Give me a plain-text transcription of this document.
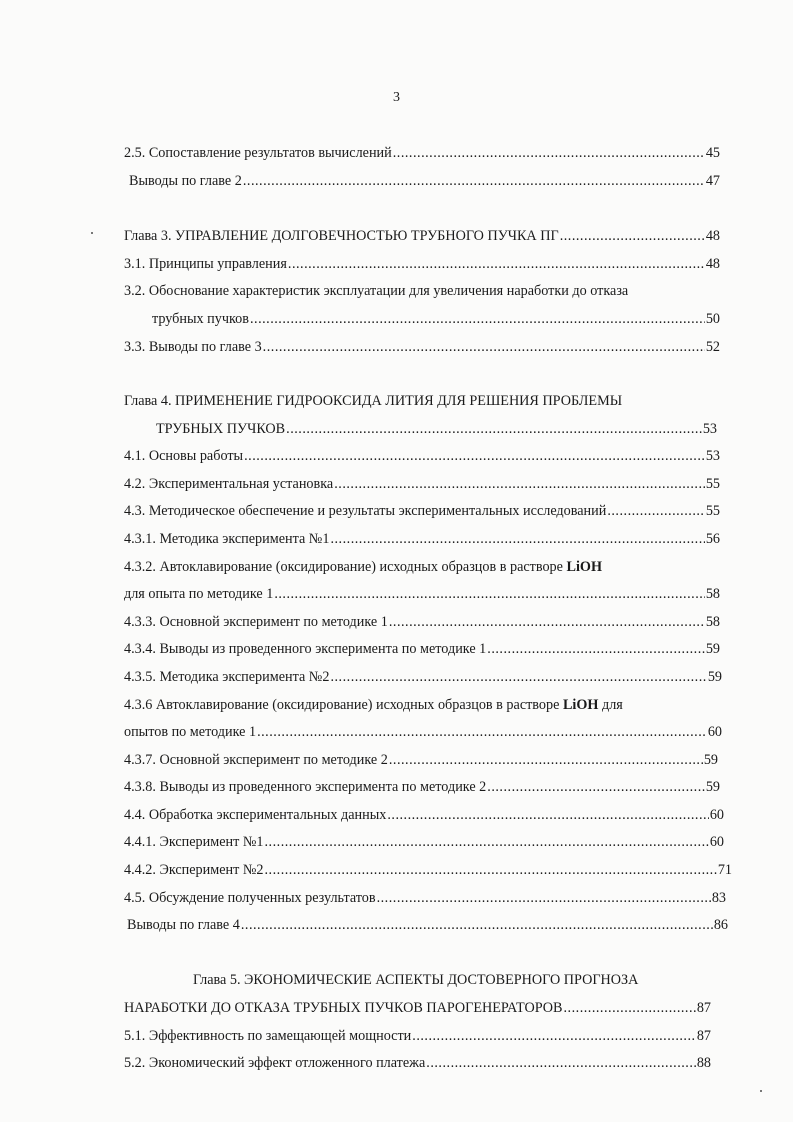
3
2.5. Сопоставление результатов вычислений .....	45
Выводы по главе 2 .....	47
Глава 3. УПРАВЛЕНИЕ ДОЛГОВЕЧНОСТЬЮ ТРУБНОГО ПУЧКА ПГ .....	48
3.1. Принципы управления .....	48
3.2. Обоснование характеристик эксплуатации для увеличения наработки до отказа
трубных пучков .....	50
3.3. Выводы по главе 3 .....	52
Глава 4. ПРИМЕНЕНИЕ ГИДРООКСИДА ЛИТИЯ ДЛЯ РЕШЕНИЯ ПРОБЛЕМЫ
ТРУБНЫХ ПУЧКОВ .....	53
4.1. Основы работы .....	53
4.2. Экспериментальная установка .....	55
4.3. Методическое обеспечение и результаты экспериментальных исследований .....	55
4.3.1. Методика эксперимента №1 .....	56
4.3.2. Автоклавирование (оксидирование) исходных образцов в растворе LiOH
для опыта по методике 1 .....	58
4.3.3. Основной эксперимент по методике 1 .....	58
4.3.4. Выводы из проведенного эксперимента по методике 1 .....	59
4.3.5. Методика эксперимента №2 .....	59
4.3.6 Автоклавирование (оксидирование) исходных образцов в растворе LiOH для
опытов по методике 1 .....	60
4.3.7. Основной эксперимент по методике 2 .....	59
4.3.8. Выводы из проведенного эксперимента по методике 2 .....	59
4.4. Обработка экспериментальных данных .....	60
4.4.1. Эксперимент №1 .....	60
4.4.2. Эксперимент №2 .....	71
4.5. Обсуждение полученных результатов .....	83
Выводы по главе 4 .....	86
Глава 5. ЭКОНОМИЧЕСКИЕ АСПЕКТЫ ДОСТОВЕРНОГО ПРОГНОЗА
НАРАБОТКИ ДО ОТКАЗА ТРУБНЫХ ПУЧКОВ ПАРОГЕНЕРАТОРОВ .....	87
5.1. Эффективность по замещающей мощности .....	87
5.2. Экономический эффект отложенного платежа .....	88
